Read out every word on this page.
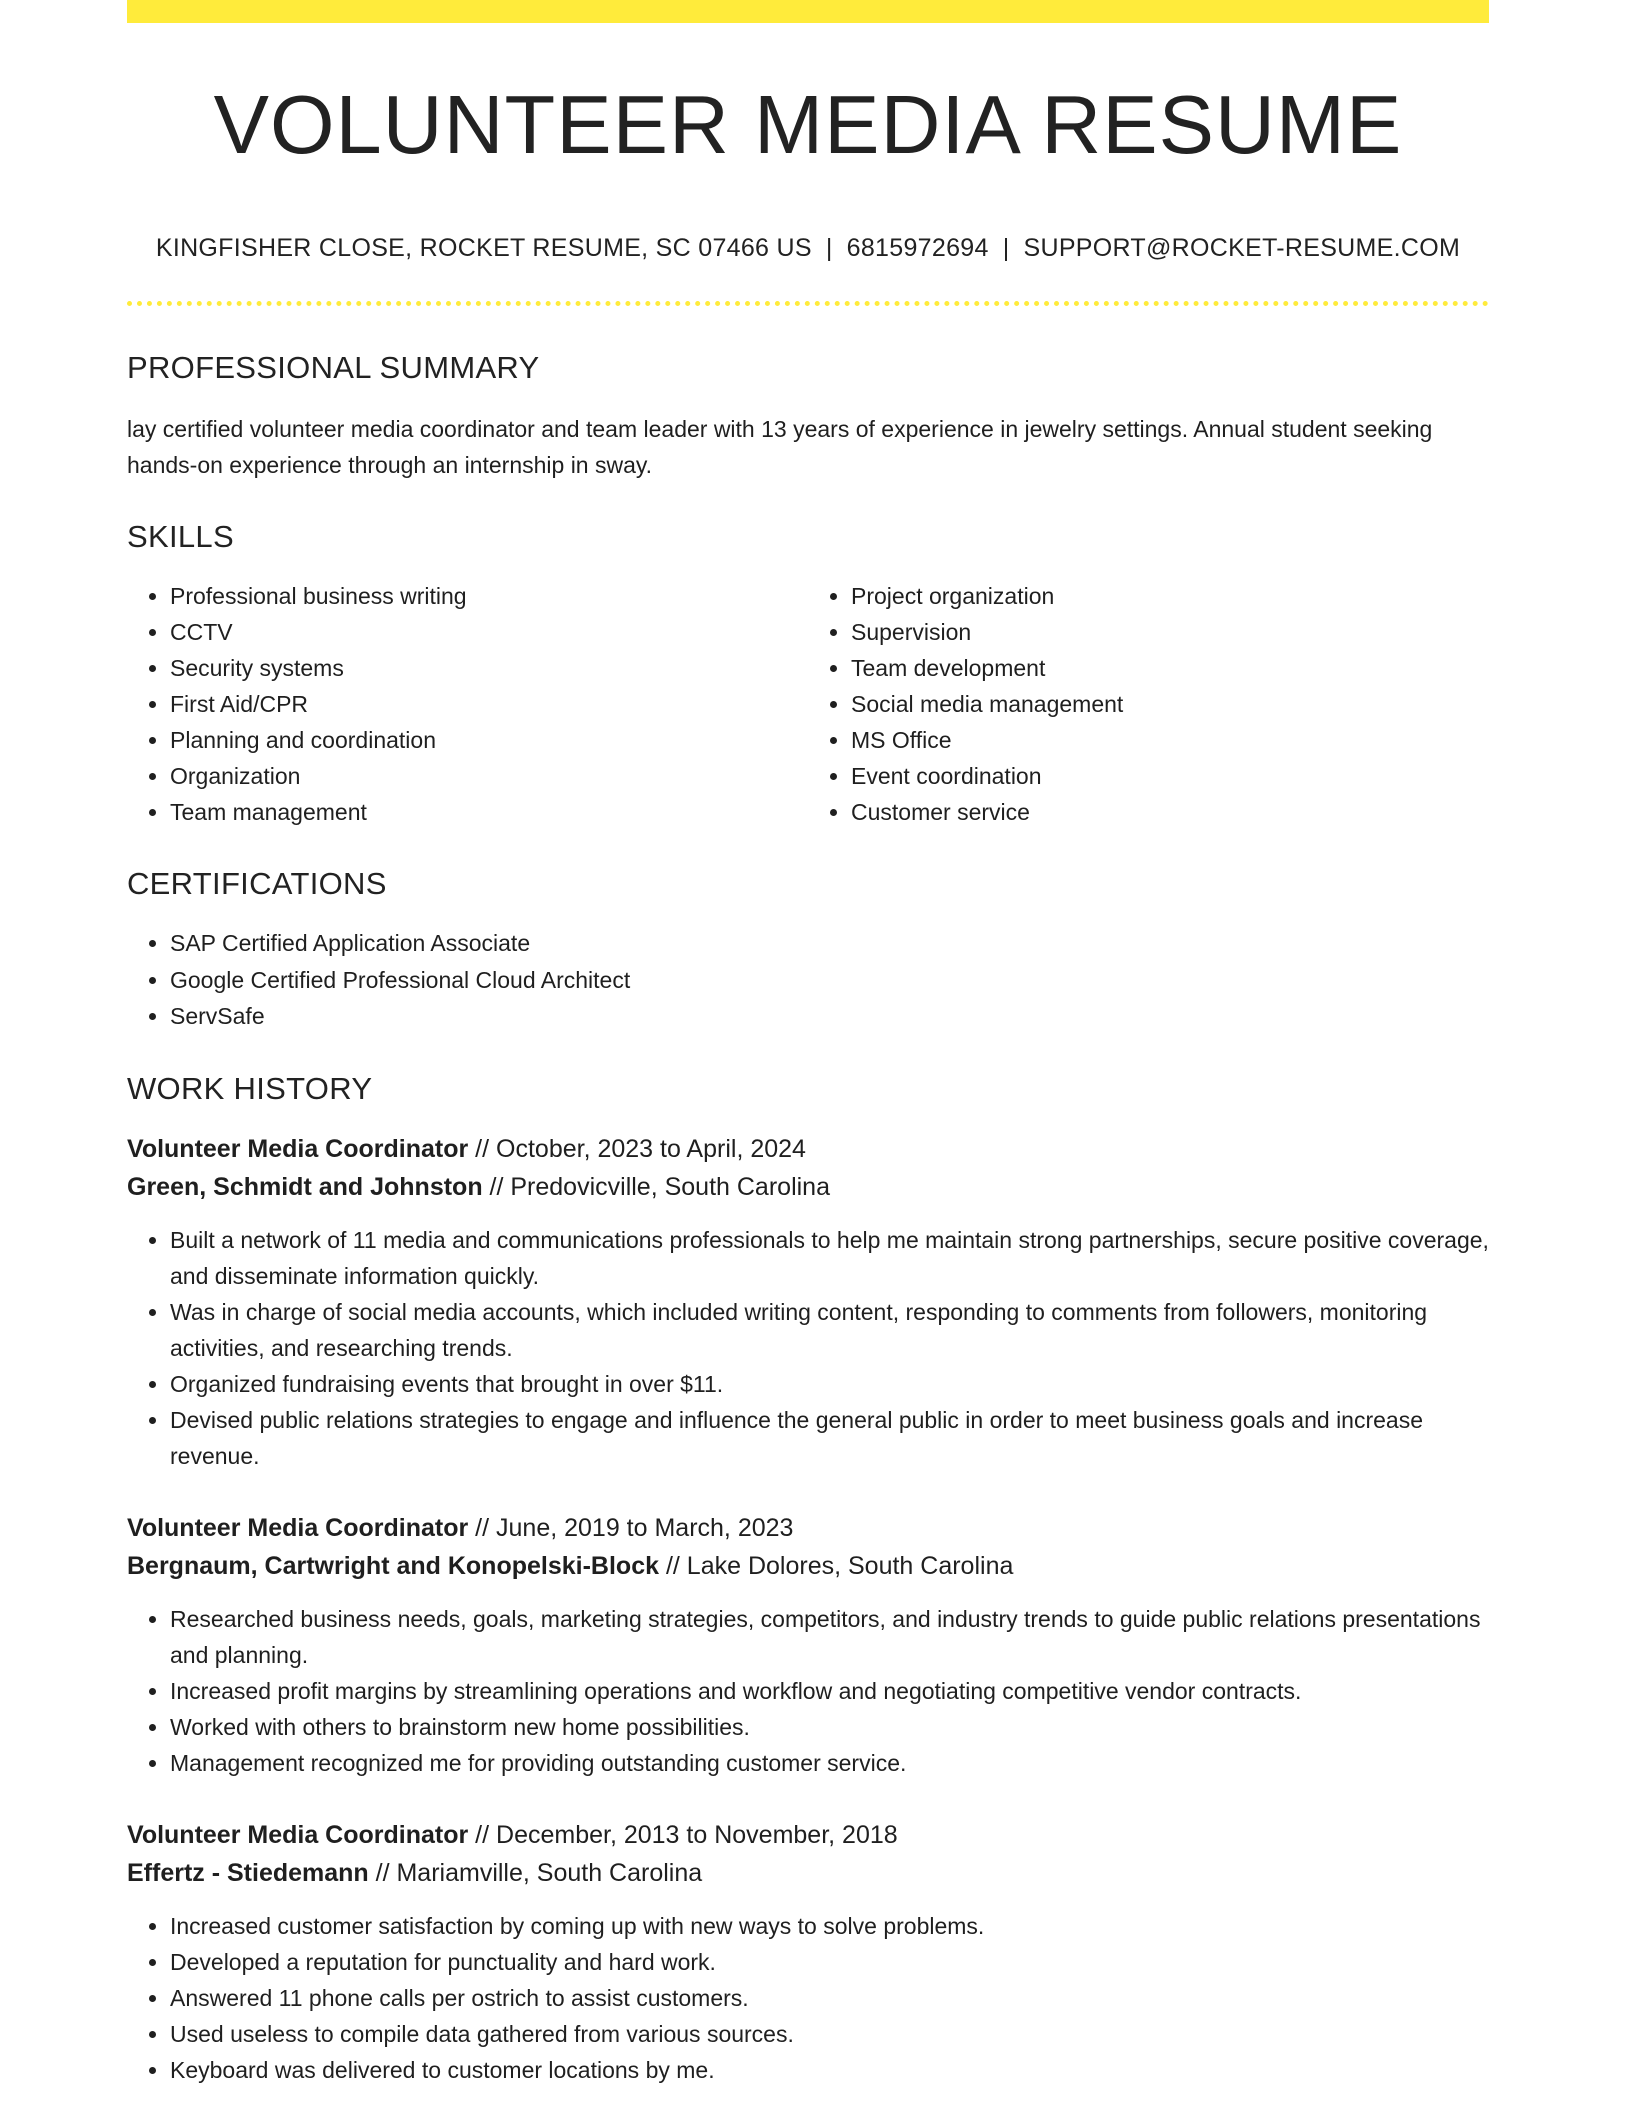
VOLUNTEER MEDIA RESUME
KINGFISHER CLOSE, ROCKET RESUME, SC 07466 US | 6815972694 | SUPPORT@ROCKET-RESUME.COM
PROFESSIONAL SUMMARY
lay certified volunteer media coordinator and team leader with 13 years of experience in jewelry settings. Annual student seeking hands-on experience through an internship in sway.
SKILLS
• Professional business writing
• CCTV
• Security systems
• First Aid/CPR
• Planning and coordination
• Organization
• Team management
• Project organization
• Supervision
• Team development
• Social media management
• MS Office
• Event coordination
• Customer service
CERTIFICATIONS
• SAP Certified Application Associate
• Google Certified Professional Cloud Architect
• ServSafe
WORK HISTORY
Volunteer Media Coordinator // October, 2023 to April, 2024
Green, Schmidt and Johnston // Predovicville, South Carolina
• Built a network of 11 media and communications professionals to help me maintain strong partnerships, secure positive coverage, and disseminate information quickly.
• Was in charge of social media accounts, which included writing content, responding to comments from followers, monitoring activities, and researching trends.
• Organized fundraising events that brought in over $11.
• Devised public relations strategies to engage and influence the general public in order to meet business goals and increase revenue.
Volunteer Media Coordinator // June, 2019 to March, 2023
Bergnaum, Cartwright and Konopelski-Block // Lake Dolores, South Carolina
• Researched business needs, goals, marketing strategies, competitors, and industry trends to guide public relations presentations and planning.
• Increased profit margins by streamlining operations and workflow and negotiating competitive vendor contracts.
• Worked with others to brainstorm new home possibilities.
• Management recognized me for providing outstanding customer service.
Volunteer Media Coordinator // December, 2013 to November, 2018
Effertz - Stiedemann // Mariamville, South Carolina
• Increased customer satisfaction by coming up with new ways to solve problems.
• Developed a reputation for punctuality and hard work.
• Answered 11 phone calls per ostrich to assist customers.
• Used useless to compile data gathered from various sources.
• Keyboard was delivered to customer locations by me.
